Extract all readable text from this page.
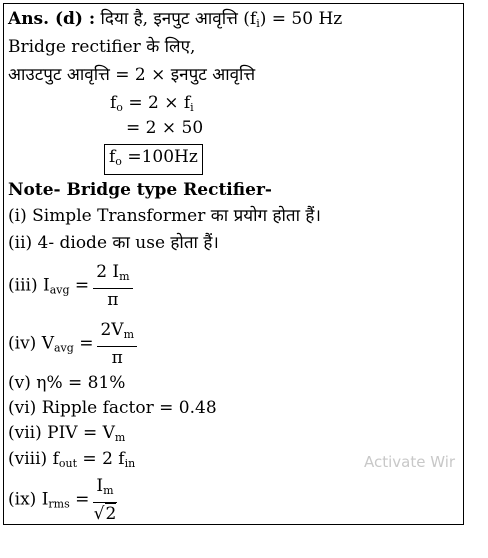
Ans. (d) : दिया है, इनपुट आवृत्ति $(f_i) = 50$ Hz
Bridge rectifier के लिए,
आउटपुट आवृत्ति = 2 × इनपुट आवृत्ति
$f_o = 2 \times f_i$
= 2 × 50
$f_o =100Hz$
Note- Bridge type Rectifier-
(i) Simple Transformer का प्रयोग होता हैं।
(ii) 4- diode का use होता हैं।
(iii) $I_{avg} = \frac{2 I_m}{\pi}$
(iv) $V_{avg} = \frac{2V_m}{\pi}$
(v) η% = 81%
(vi) Ripple factor = 0.48
(vii) PIV = $V_m$
(viii) $f_{out} = 2$ $f_{in}$
(ix) $I_{rms} = \frac{I_m}{√2}$
Activate Wir
